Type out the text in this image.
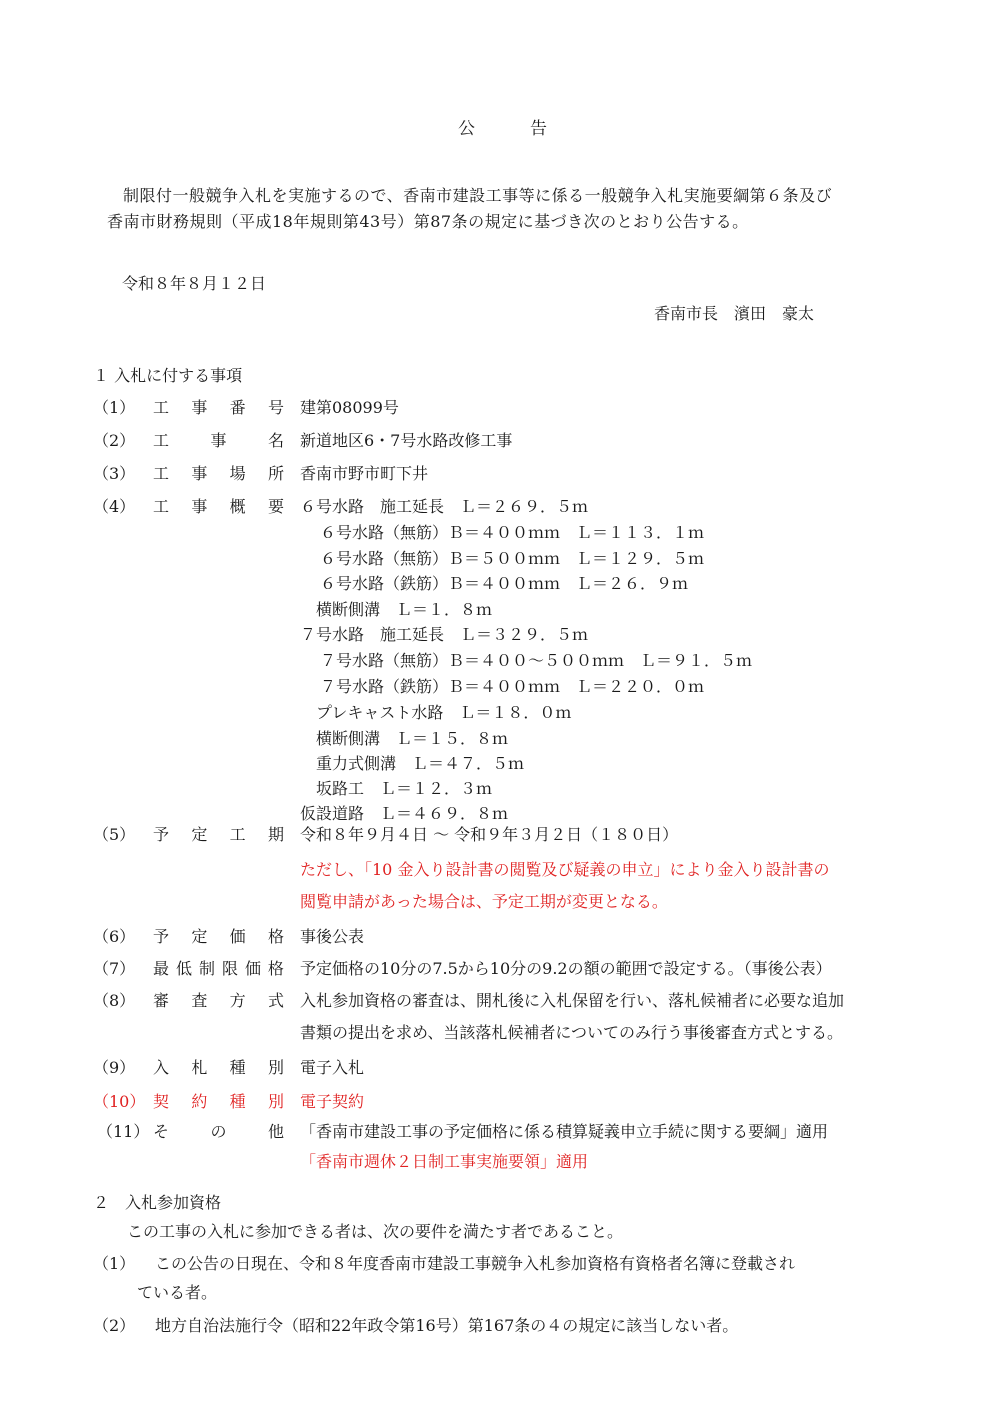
公　　　告
制限付一般競争入札を実施するので、香南市建設工事等に係る一般競争入札実施要綱第６条及び
香南市財務規則（平成18年規則第43号）第87条の規定に基づき次のとおり公告する。
令和８年８月１２日
香南市長　濱田　豪太
１ 入札に付する事項
（1） 工 事 番 号 建第08099号
（2） 工	事	名 新道地区6・7号水路改修工事
（3） 工 事 場 所 香南市野市町下井
（4） 工 事 概 要 ６号水路　施工延長　Ｌ＝２６９．５ｍ
６号水路（無筋）Ｂ＝４００ｍｍ　Ｌ＝１１３．１ｍ
６号水路（無筋）Ｂ＝５００ｍｍ　Ｌ＝１２９．５ｍ
６号水路（鉄筋）Ｂ＝４００ｍｍ　Ｌ＝２６．９ｍ
横断側溝　Ｌ＝１．８ｍ
７号水路　施工延長　Ｌ＝３２９．５ｍ
７号水路（無筋）Ｂ＝４００～５００ｍｍ　Ｌ＝９１．５ｍ
７号水路（鉄筋）Ｂ＝４００ｍｍ　Ｌ＝２２０．０ｍ
プレキャスト水路　Ｌ＝１８．０ｍ
横断側溝　Ｌ＝１５．８ｍ
重力式側溝　Ｌ＝４７．５ｍ
坂路工　Ｌ＝１２．３ｍ
仮設道路　Ｌ＝４６９．８ｍ
（5） 予 定 工 期 令和８年９月４日 ～ 令和９年３月２日（１８０日）
ただし、「10 金入り設計書の閲覧及び疑義の申立」により金入り設計書の
閲覧申請があった場合は、予定工期が変更となる。
（6） 予 定 価 格 事後公表
（7） 最 低 制 限 価 格 予定価格の10分の7.5から10分の9.2の額の範囲で設定する。（事後公表）
（8） 審 査 方 式 入札参加資格の審査は、開札後に入札保留を行い、落札候補者に必要な追加
書類の提出を求め、当該落札候補者についてのみ行う事後審査方式とする。
（9） 入 札 種 別 電子入札
（10） 契 約 種 別 電子契約
（11） そ	の	他 「香南市建設工事の予定価格に係る積算疑義申立手続に関する要綱」適用
「香南市週休２日制工事実施要領」適用
２　入札参加資格
この工事の入札に参加できる者は、次の要件を満たす者であること。
（1） この公告の日現在、令和８年度香南市建設工事競争入札参加資格有資格者名簿に登載され
ている者。
（2） 地方自治法施行令（昭和22年政令第16号）第167条の４の規定に該当しない者。
